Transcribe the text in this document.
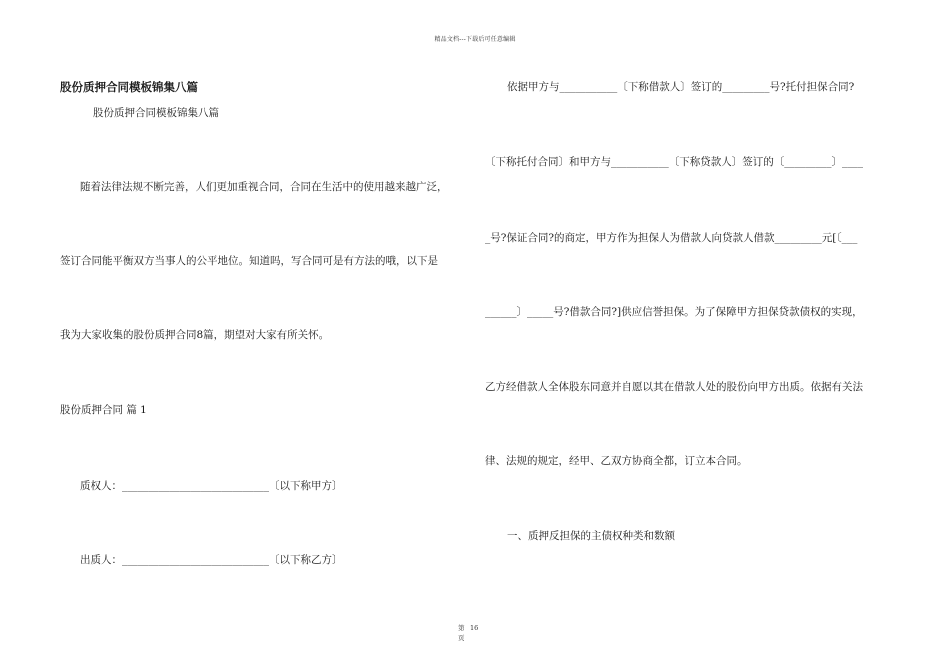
精品文档---下载后可任意编辑
股份质押合同模板锦集八篇
股份质押合同模板锦集八篇
随着法律法规不断完善，人们更加重视合同，合同在生活中的使用越来越广泛，
签订合同能平衡双方当事人的公平地位。知道吗，写合同可是有方法的哦，以下是
我为大家收集的股份质押合同8篇，期望对大家有所关怀。
股份质押合同 篇 1
质权人：____________________________〔以下称甲方〕
出质人：____________________________〔以下称乙方〕
依据甲方与___________〔下称借款人〕签订的_________号?托付担保合同?
〔下称托付合同〕和甲方与___________〔下称贷款人〕签订的〔_________〕____
_号?保证合同?的商定，甲方作为担保人为借款人向贷款人借款_________元[〔___
______〕_____号?借款合同?]供应信誉担保。为了保障甲方担保贷款债权的实现，
乙方经借款人全体股东同意并自愿以其在借款人处的股份向甲方出质。依据有关法
律、法规的规定，经甲、乙双方协商全都，订立本合同。
一、质押反担保的主债权种类和数额
第 16
页
